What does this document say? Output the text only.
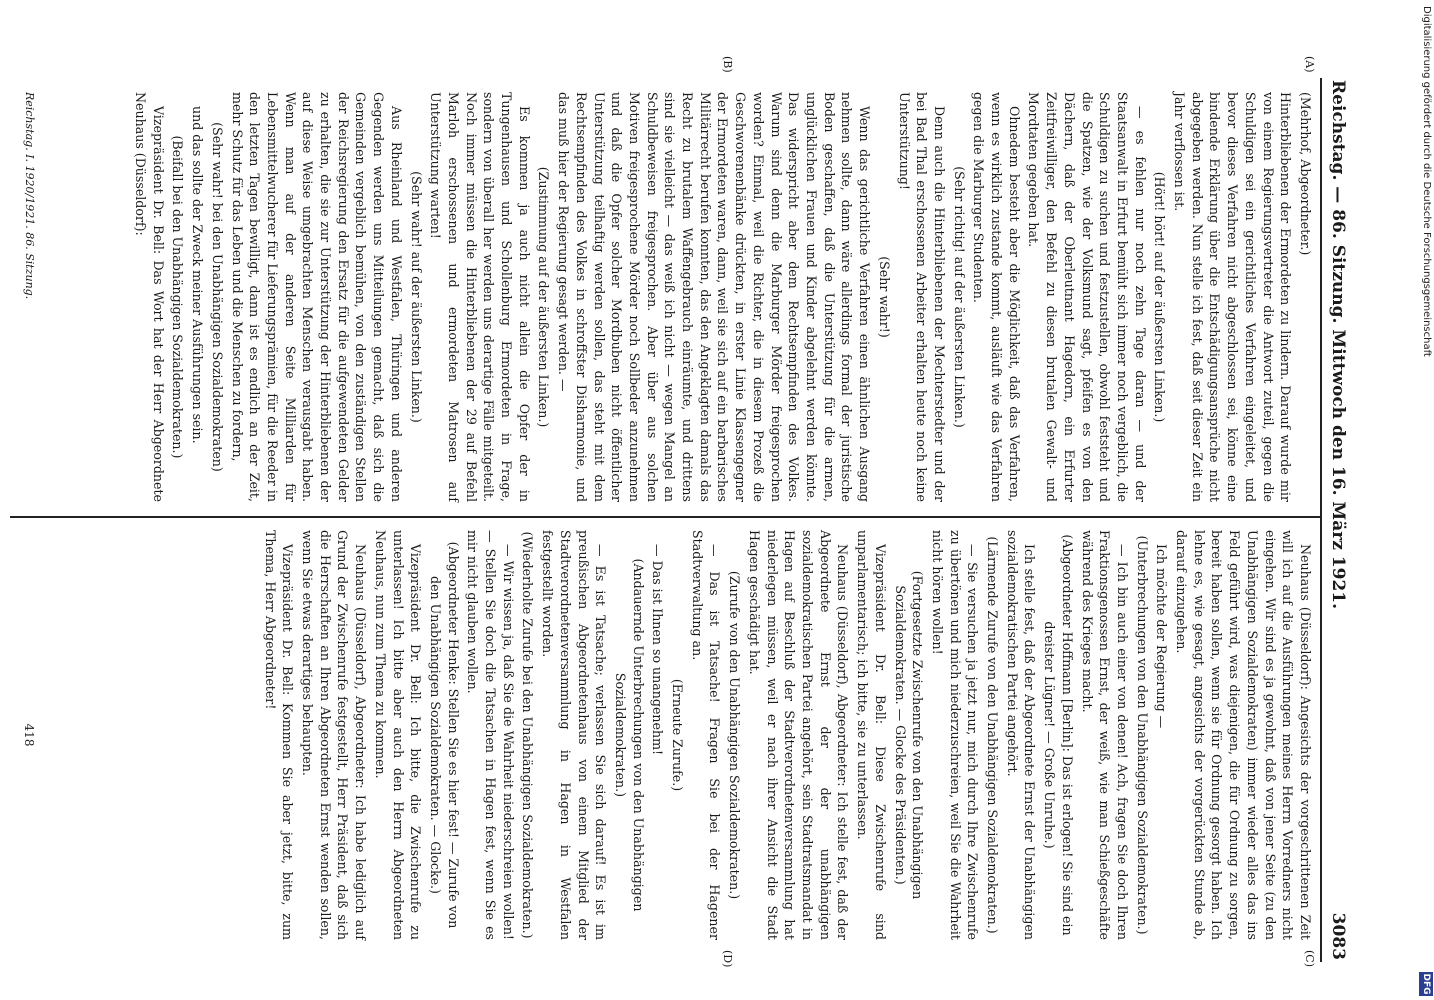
Digitalisierung gefördert durch die Deutsche Forschungsgemeinschaft
DFG
Reichstag. — 86. Sitzung. Mittwoch den 16. März 1921.
3083
(A)
(B)
(C)
(D)

(Mehrhof, Abgeordneter.)

Hinterbliebenen der Ermordeten zu lindern. Darauf wurde mir von einem Regierungsvertreter die Antwort zuteil, gegen die Schuldigen sei ein gerichtliches Verfahren eingeleitet, und bevor dieses Verfahren nicht abgeschlossen sei, könne eine bindende Erklärung über die Entschädigungsansprüche nicht abgegeben werden. Nun stelle ich fest, daß seit dieser Zeit ein Jahr verflossen ist.

(Hört! hört! auf der äußersten Linken.)

— es fehlen nur noch zehn Tage daran — und der Staatsanwalt in Erfurt bemüht sich immer noch vergeblich, die Schuldigen zu suchen und festzustellen, obwohl feststeht und die Spatzen, wie der Volksmund sagt, pfeifen es von den Dächern, daß der Oberleutnant Hagedorn, ein Erfurter Zeitfreiwilliger, den Befehl zu diesen brutalen Gewalt- und Mordtaten gegeben hat.

Ohnedem besteht aber die Möglichkeit, daß das Verfahren, wenn es wirklich zustande kommt, ausläuft wie das Verfahren gegen die Marburger Studenten.

(Sehr richtig! auf der äußersten Linken.)

Denn auch die Hinterbliebenen der Mechterstedter und der bei Bad Thal erschossenen Arbeiter erhalten heute noch keine Unterstützung!

(Sehr wahr!)

Wenn das gerichtliche Verfahren einen ähnlichen Ausgang nehmen sollte, dann wäre allerdings formal der juristische Boden geschaffen, daß die Unterstützung für die armen, unglücklichen Frauen und Kinder abgelehnt werden könnte. Das widerspricht aber dem Rechtsempfinden des Volkes. Warum sind denn die Marburger Mörder freigesprochen worden? Einmal, weil die Richter, die in diesem Prozeß die Geschworenenbänke drückten, in erster Linie Klassengegner der Ermordeten waren, dann, weil sie sich auf ein barbarisches Militärrecht berufen konnten, das den Angeklagten damals das Recht zu brutalem Waffengebrauch einräumte, und drittens sind sie vielleicht — das weiß ich nicht — wegen Mangel an Schuldbeweisen freigesprochen. Aber über aus solchen Motiven freigesprochene Mörder noch Sollbeder anzunehmen und daß die Opfer solcher Mordbuben nicht öffentlicher Unterstützung teilhaftig werden sollen, das steht mit dem Rechtsempfinden des Volkes in schroffster Disharmonie, und das muß hier der Regierung gesagt werden. —

(Zustimmung auf der äußersten Linken.)

Es kommen ja auch nicht allein die Opfer der in Tungenhausen und Schollenburg Ermordeten in Frage, sondern von überall her werden uns derartige Fälle mitgeteilt. Noch immer müssen die Hinterbliebenen der 29 auf Befehl Marloh erschossenen und ermordeten Matrosen auf Unterstützung warten!

(Sehr wahr! auf der äußersten Linken.)

Aus Rheinland und Westfalen, Thüringen und anderen Gegenden werden uns Mitteilungen gemacht, daß sich die Gemeinden vergeblich bemühen, von den zuständigen Stellen der Reichsregierung den Ersatz für die aufgewendeten Gelder zu erhalten, die sie zur Unterstützung der Hinterbliebenen der auf diese Weise umgebrachten Menschen verausgabt haben. Wenn man auf der anderen Seite Milliarden für Lebensmittelwucherer für Lieferungsprämien, für die Reeder in den letzten Tagen bewilligt, dann ist es endlich an der Zeit, mehr Schutz für das Leben und die Menschen zu fordern,

(Sehr wahr! bei den Unabhängigen Sozialdemokraten)

und das sollte der Zweck meiner Ausführungen sein.

(Beifall bei den Unabhängigen Sozialdemokraten.)

Vizepräsident Dr. Bell: Das Wort hat der Herr Abgeordnete Neuhaus (Düsseldorf):

Neuhaus (Düsseldorf): Angesichts der vorgeschrittenen Zeit will ich auf die Ausführungen meines Herrn Vorredners nicht eingehen. Wir sind es ja gewohnt, daß von jener Seite (zu den Unabhängigen Sozialdemokraten) immer wieder alles das ins Feld geführt wird, was diejenigen, die für Ordnung zu sorgen, bereit haben sollen, wenn sie für Ordnung gesorgt haben. Ich lehne es, wie gesagt, angesichts der vorgerückten Stunde ab, darauf einzugehen.

Ich möchte der Regierung —

(Unterbrechungen von den Unabhängigen Sozialdemokraten.)

— Ich bin auch einer von denen! Ach, fragen Sie doch Ihren Fraktionsgenossen Ernst, der weiß, wie man Schießgeschäfte während des Krieges macht.

(Abgeordneter Hoffmann [Berlin]: Das ist erlogen! Sie sind ein dreister Lügner! — Große Unruhe.)

Ich stelle fest, daß der Abgeordnete Ernst der Unabhängigen sozialdemokratischen Partei angehört.

(Lärmende Zurufe von den Unabhängigen Sozialdemokraten.)

— Sie versuchen ja jetzt nur, mich durch Ihre Zwischenrufe zu übertönen und mich niederzuschreien, weil Sie die Wahrheit nicht hören wollen!

(Fortgesetzte Zwischenrufe von den Unabhängigen Sozialdemokraten. — Glocke des Präsidenten.)

Vizepräsident Dr. Bell: Diese Zwischenrufe sind unparlamentarisch; ich bitte, sie zu unterlassen.

Neuhaus (Düsseldorf), Abgeordneter: Ich stelle fest, daß der Abgeordnete Ernst der der unabhängigen sozialdemokratischen Partei angehört, sein Stadtratsmandat in Hagen auf Beschluß der Stadtverordnetenversammlung hat niederlegen müssen, weil er nach ihrer Ansicht die Stadt Hagen geschädigt hat.

(Zurufe von den Unabhängigen Sozialdemokraten.)

— Das ist Tatsache! Fragen Sie bei der Hagener Stadtverwaltung an.

(Erneute Zurufe.)

— Das ist Ihnen so unangenehm!

(Andauernde Unterbrechungen von den Unabhängigen Sozialdemokraten.)

— Es ist Tatsache; verlassen Sie sich darauf! Es ist im preußischen Abgeordnetenhaus von einem Mitglied der Stadtverordnetenversammlung in Hagen in Westfalen festgestellt worden.

(Wiederholte Zurufe bei den Unabhängigen Sozialdemokraten.)

— Wir wissen ja, daß Sie die Wahrheit niederschreien wollen! — Stellen Sie doch die Tatsachen in Hagen fest, wenn Sie es mir nicht glauben wollen.

(Abgeordneter Henke: Stellen Sie es hier fest! — Zurufe von den Unabhängigen Sozialdemokraten. — Glocke.)

Vizepräsident Dr. Bell: Ich bitte, die Zwischenrufe zu unterlassen! Ich bitte aber auch den Herrn Abgeordneten Neuhaus, nun zum Thema zu kommen.

Neuhaus (Düsseldorf), Abgeordneter: Ich habe lediglich auf Grund der Zwischenrufe festgestellt, Herr Präsident, daß sich die Herrschaften an Ihren Abgeordneten Ernst wenden sollen, wenn Sie etwas derartiges behaupten.

Vizepräsident Dr. Bell: Kommen Sie aber jetzt, bitte, zum Thema, Herr Abgeordneter!

Reichstag. I. 1920/1921. 86. Sitzung.
418
